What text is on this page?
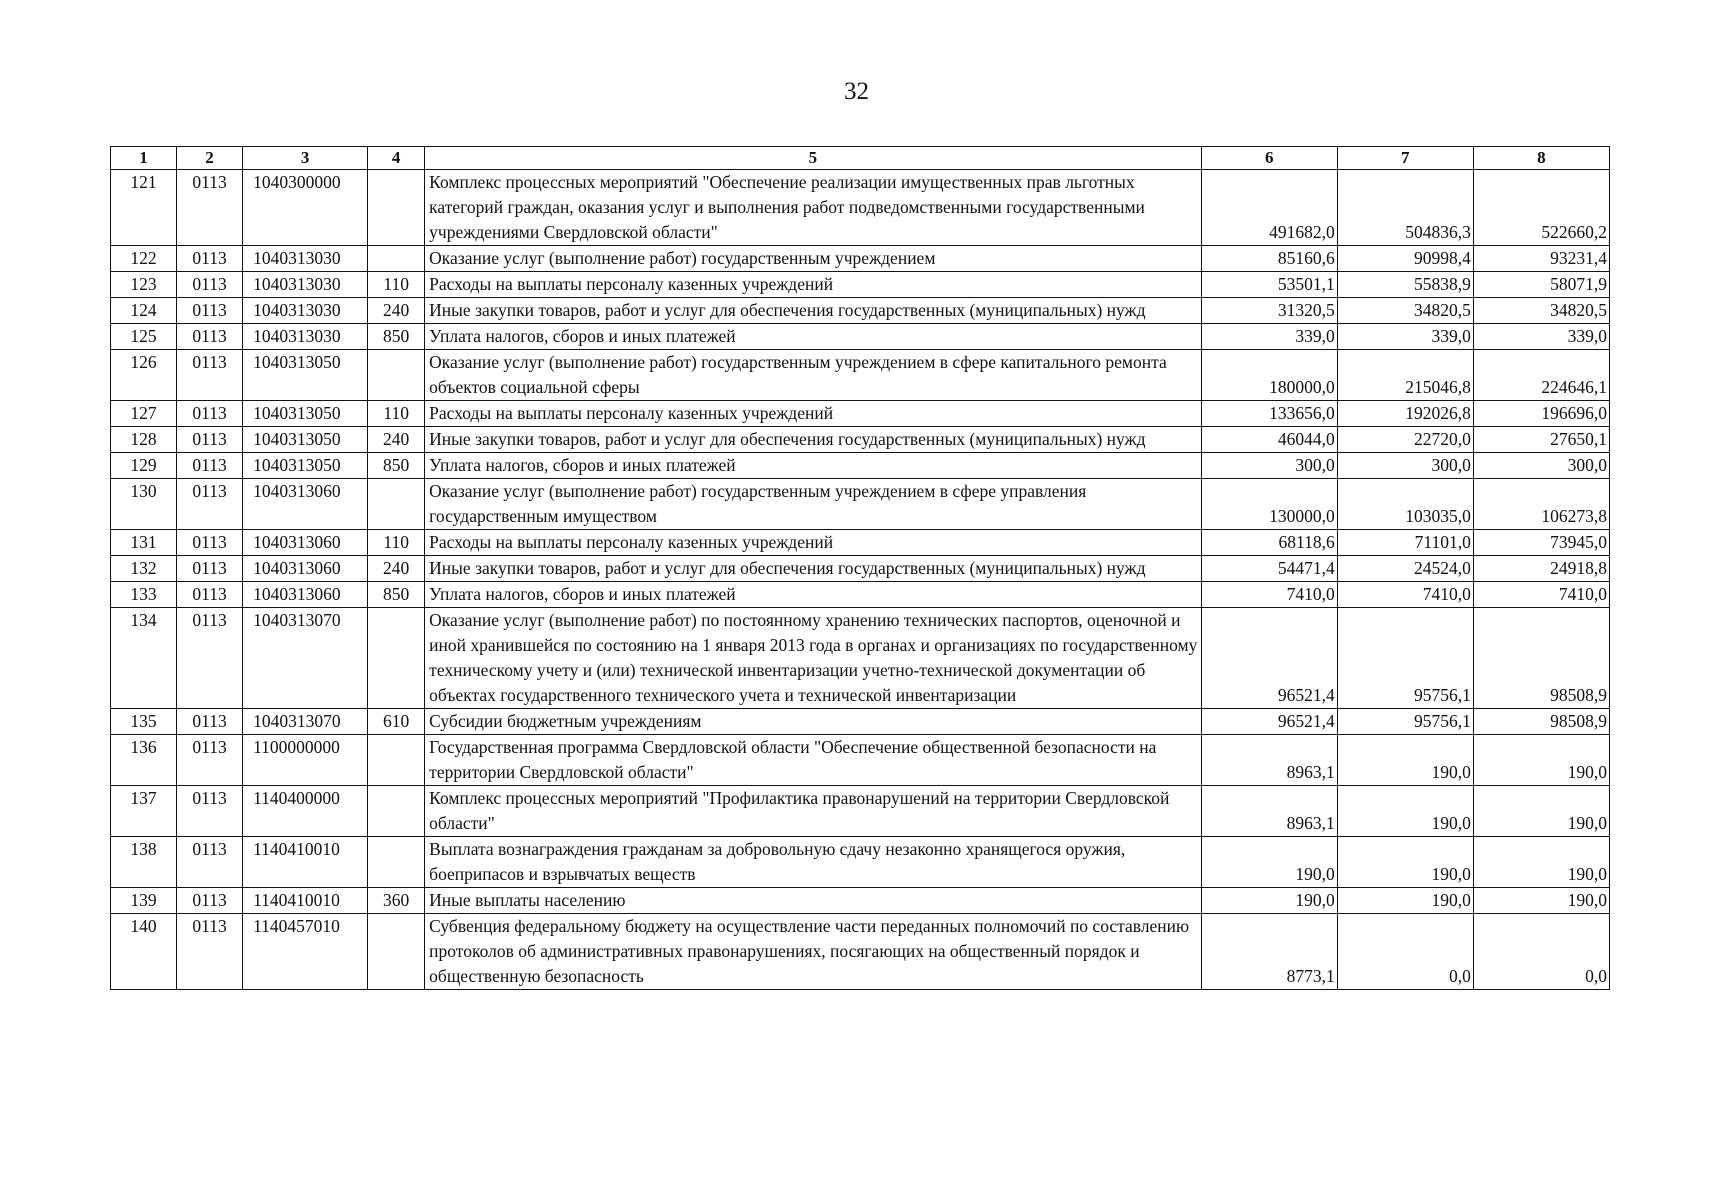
32
1	2	3	4	5	6	7	8
121	0113	1040300000		Комплекс процессных мероприятий "Обеспечение реализации имущественных прав льготных категорий граждан, оказания услуг и выполнения работ подведомственными государственными учреждениями Свердловской области"	491682,0	504836,3	522660,2
122	0113	1040313030		Оказание услуг (выполнение работ) государственным учреждением	85160,6	90998,4	93231,4
123	0113	1040313030	110	Расходы на выплаты персоналу казенных учреждений	53501,1	55838,9	58071,9
124	0113	1040313030	240	Иные закупки товаров, работ и услуг для обеспечения государственных (муниципальных) нужд	31320,5	34820,5	34820,5
125	0113	1040313030	850	Уплата налогов, сборов и иных платежей	339,0	339,0	339,0
126	0113	1040313050		Оказание услуг (выполнение работ) государственным учреждением в сфере капитального ремонта объектов социальной сферы	180000,0	215046,8	224646,1
127	0113	1040313050	110	Расходы на выплаты персоналу казенных учреждений	133656,0	192026,8	196696,0
128	0113	1040313050	240	Иные закупки товаров, работ и услуг для обеспечения государственных (муниципальных) нужд	46044,0	22720,0	27650,1
129	0113	1040313050	850	Уплата налогов, сборов и иных платежей	300,0	300,0	300,0
130	0113	1040313060		Оказание услуг (выполнение работ) государственным учреждением в сфере управления государственным имуществом	130000,0	103035,0	106273,8
131	0113	1040313060	110	Расходы на выплаты персоналу казенных учреждений	68118,6	71101,0	73945,0
132	0113	1040313060	240	Иные закупки товаров, работ и услуг для обеспечения государственных (муниципальных) нужд	54471,4	24524,0	24918,8
133	0113	1040313060	850	Уплата налогов, сборов и иных платежей	7410,0	7410,0	7410,0
134	0113	1040313070		Оказание услуг (выполнение работ) по постоянному хранению технических паспортов, оценочной и иной хранившейся по состоянию на 1 января 2013 года в органах и организациях по государственному техническому учету и (или) технической инвентаризации учетно-технической документации об объектах государственного технического учета и технической инвентаризации	96521,4	95756,1	98508,9
135	0113	1040313070	610	Субсидии бюджетным учреждениям	96521,4	95756,1	98508,9
136	0113	1100000000		Государственная программа Свердловской области "Обеспечение общественной безопасности на территории Свердловской области"	8963,1	190,0	190,0
137	0113	1140400000		Комплекс процессных мероприятий "Профилактика правонарушений на территории Свердловской области"	8963,1	190,0	190,0
138	0113	1140410010		Выплата вознаграждения гражданам за добровольную сдачу незаконно хранящегося оружия, боеприпасов и взрывчатых веществ	190,0	190,0	190,0
139	0113	1140410010	360	Иные выплаты населению	190,0	190,0	190,0
140	0113	1140457010		Субвенция федеральному бюджету на осуществление части переданных полномочий по составлению протоколов об административных правонарушениях, посягающих на общественный порядок и общественную безопасность	8773,1	0,0	0,0
